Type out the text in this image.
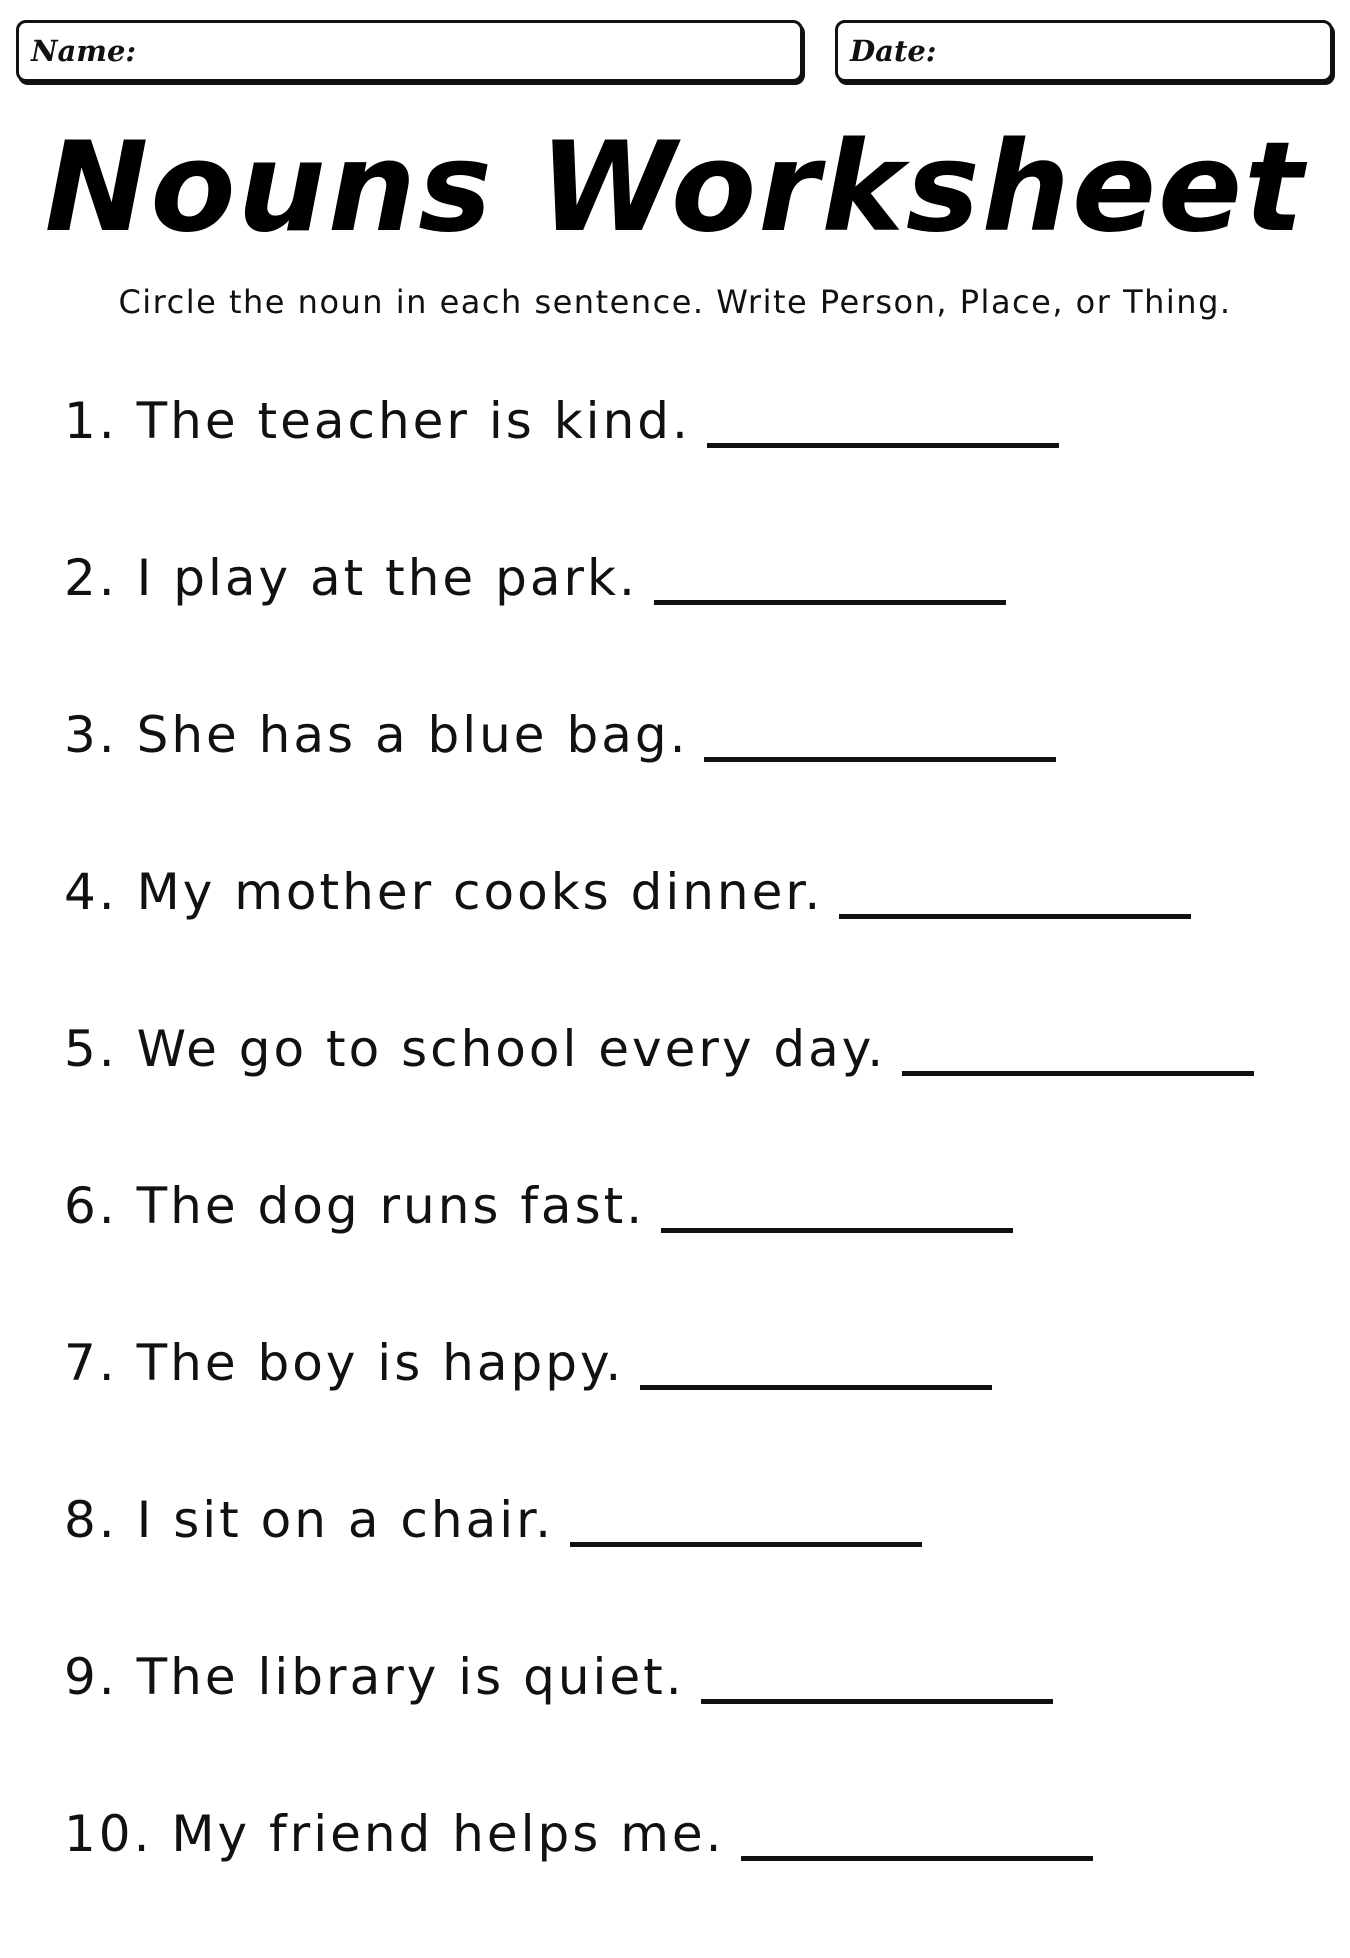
Name:	Date:
Nouns Worksheet

Circle the noun in each sentence. Write Person, Place, or Thing.

1. The teacher is kind.
2. I play at the park.
3. She has a blue bag.
4. My mother cooks dinner.
5. We go to school every day.
6. The dog runs fast.
7. The boy is happy.
8. I sit on a chair.
9. The library is quiet.
10. My friend helps me.
